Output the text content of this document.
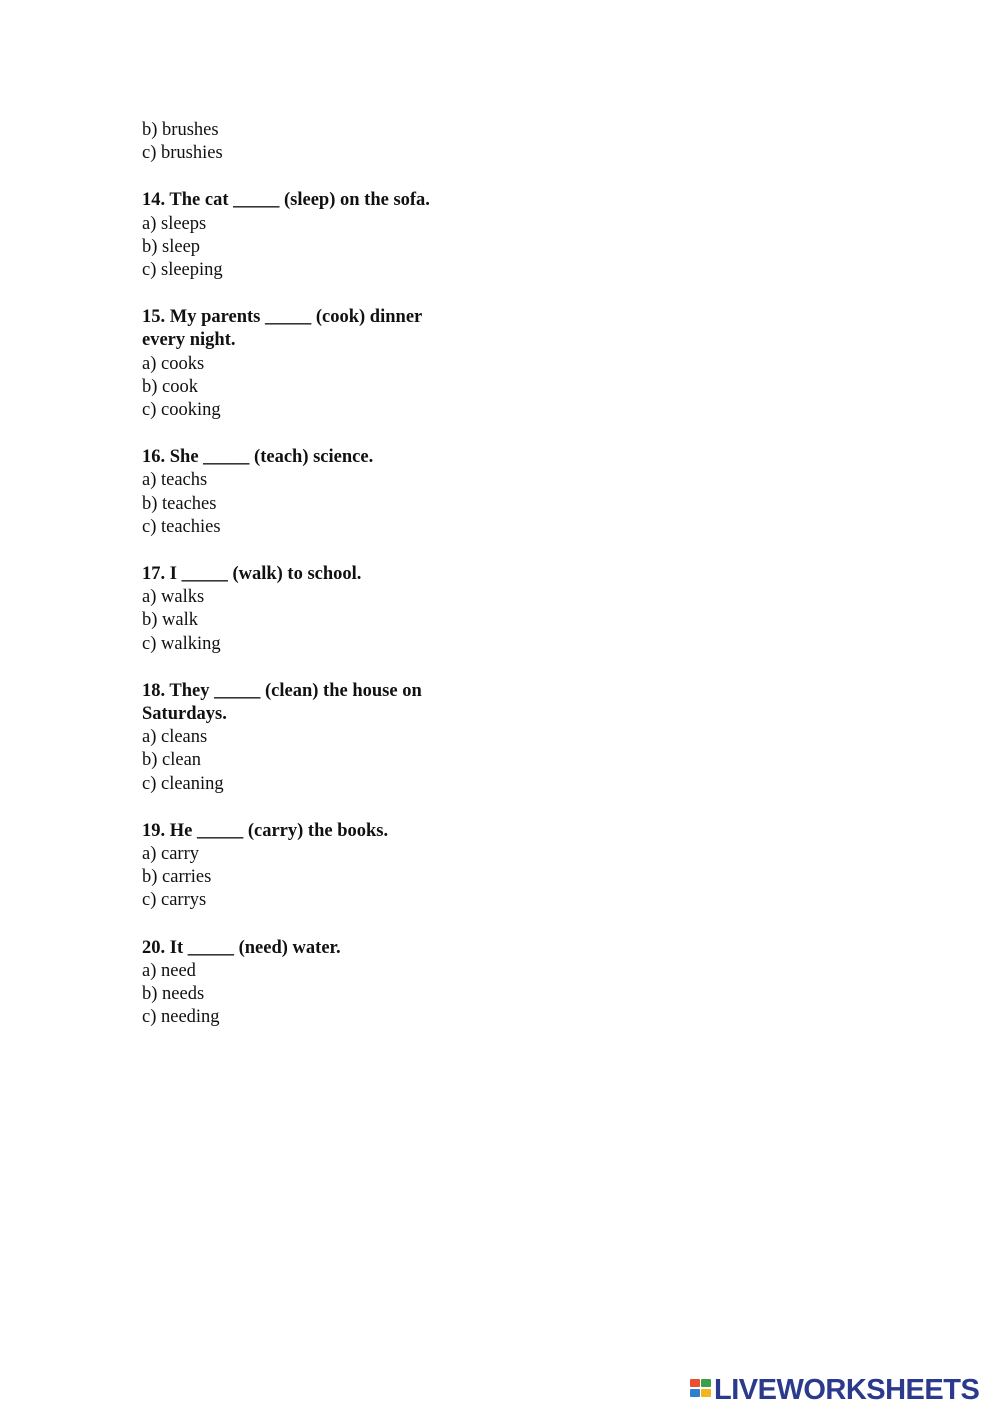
b) brushes

c) brushies

14. The cat _____ (sleep) on the sofa.

a) sleeps

b) sleep

c) sleeping

15. My parents _____ (cook) dinner

every night.

a) cooks

b) cook

c) cooking

16. She _____ (teach) science.

a) teachs

b) teaches

c) teachies

17. I _____ (walk) to school.

a) walks

b) walk

c) walking

18. They _____ (clean) the house on

Saturdays.

a) cleans

b) clean

c) cleaning

19. He _____ (carry) the books.

a) carry

b) carries

c) carrys

20. It _____ (need) water.

a) need

b) needs

c) needing

LIVEWORKSHEETS
